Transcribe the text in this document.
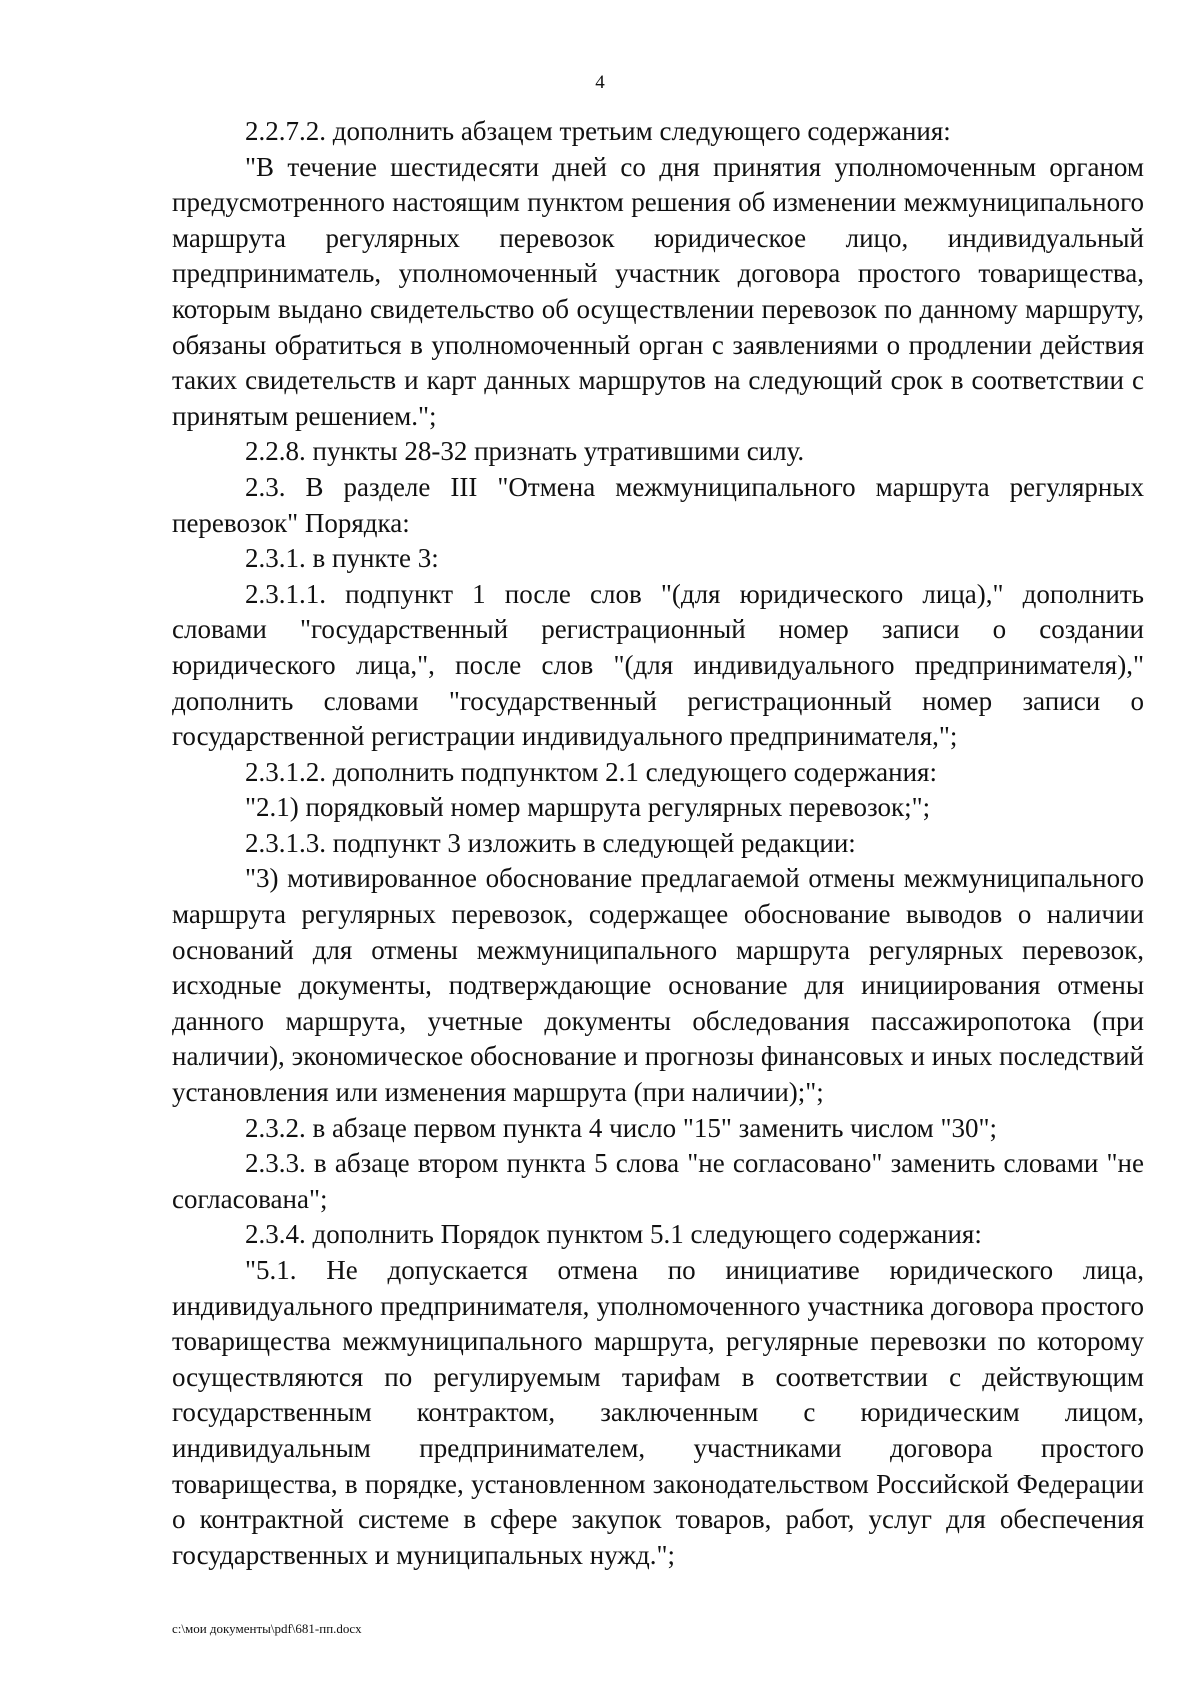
4

2.2.7.2. дополнить абзацем третьим следующего содержания:

"В течение шестидесяти дней со дня принятия уполномоченным органом предусмотренного настоящим пунктом решения об изменении межмуниципального маршрута регулярных перевозок юридическое лицо, индивидуальный предприниматель, уполномоченный участник договора простого товарищества, которым выдано свидетельство об осуществлении перевозок по данному маршруту, обязаны обратиться в уполномоченный орган с заявлениями о продлении действия таких свидетельств и карт данных маршрутов на следующий срок в соответствии с принятым решением.";

2.2.8. пункты 28-32 признать утратившими силу.

2.3. В разделе III "Отмена межмуниципального маршрута регулярных перевозок" Порядка:

2.3.1. в пункте 3:

2.3.1.1. подпункт 1 после слов "(для юридического лица)," дополнить словами "государственный регистрационный номер записи о создании юридического лица,", после слов "(для индивидуального предпринимателя)," дополнить словами "государственный регистрационный номер записи о государственной регистрации индивидуального предпринимателя,";

2.3.1.2. дополнить подпунктом 2.1 следующего содержания:

"2.1) порядковый номер маршрута регулярных перевозок;";

2.3.1.3. подпункт 3 изложить в следующей редакции:

"3) мотивированное обоснование предлагаемой отмены межмуниципального маршрута регулярных перевозок, содержащее обоснование выводов о наличии оснований для отмены межмуниципального маршрута регулярных перевозок, исходные документы, подтверждающие основание для инициирования отмены данного маршрута, учетные документы обследования пассажиропотока (при наличии), экономическое обоснование и прогнозы финансовых и иных последствий установления или изменения маршрута (при наличии);";

2.3.2. в абзаце первом пункта 4 число "15" заменить числом "30";

2.3.3. в абзаце втором пункта 5 слова "не согласовано" заменить словами "не согласована";

2.3.4. дополнить Порядок пунктом 5.1 следующего содержания:

"5.1. Не допускается отмена по инициативе юридического лица, индивидуального предпринимателя, уполномоченного участника договора простого товарищества межмуниципального маршрута, регулярные перевозки по которому осуществляются по регулируемым тарифам в соответствии с действующим государственным контрактом, заключенным с юридическим лицом, индивидуальным предпринимателем, участниками договора простого товарищества, в порядке, установленном законодательством Российской Федерации о контрактной системе в сфере закупок товаров, работ, услуг для обеспечения государственных и муниципальных нужд.";

c:\мои документы\pdf\681-пп.docx
